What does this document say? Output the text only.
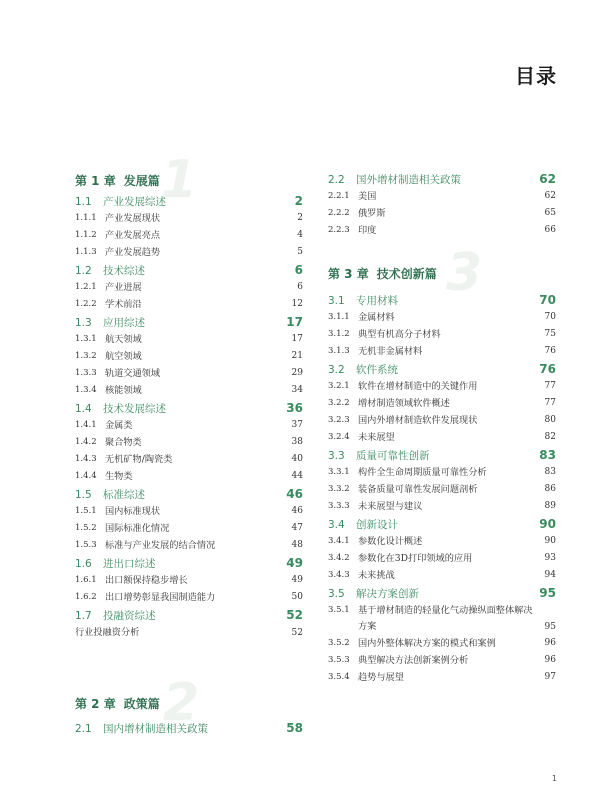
目录
1
第 1 章 发展篇
1.1	产业发展综述	2
1.1.1 产业发展现状	2
1.1.2 产业发展亮点	4
1.1.3 产业发展趋势	5
1.2	技术综述	6
1.2.1 产业进展	6
1.2.2 学术前沿	12
1.3	应用综述	17
1.3.1 航天领域	17
1.3.2 航空领域	21
1.3.3 轨道交通领域	29
1.3.4 核能领域	34
1.4	技术发展综述	36
1.4.1 金属类	37
1.4.2 聚合物类	38
1.4.3 无机矿物/陶瓷类	40
1.4.4 生物类	44
1.5	标准综述	46
1.5.1 国内标准现状	46
1.5.2 国际标准化情况	47
1.5.3 标准与产业发展的结合情况	48
1.6	进出口综述	49
1.6.1 出口额保持稳步增长	49
1.6.2 出口增势彰显我国制造能力	50
1.7	投融资综述	52
行业投融资分析	52
2
第 2 章 政策篇
2.1	国内增材制造相关政策	58
2.2	国外增材制造相关政策	62
2.2.1 美国	62
2.2.2 俄罗斯	65
2.2.3 印度	66
3
第 3 章 技术创新篇
3.1	专用材料	70
3.1.1 金属材料	70
3.1.2 典型有机高分子材料	75
3.1.3 无机非金属材料	76
3.2	软件系统	76
3.2.1 软件在增材制造中的关键作用	77
3.2.2 增材制造领域软件概述	77
3.2.3 国内外增材制造软件发展现状	80
3.2.4 未来展望	82
3.3	质量可靠性创新	83
3.3.1 构件全生命周期质量可靠性分析	83
3.3.2 装备质量可靠性发展问题剖析	86
3.3.3 未来展望与建议	89
3.4	创新设计	90
3.4.1 参数化设计概述	90
3.4.2 参数化在3D打印领域的应用	93
3.4.3 未来挑战	94
3.5	解决方案创新	95
3.5.1 基于增材制造的轻量化气动操纵面整体解决
方案	95
3.5.2 国内外整体解决方案的模式和案例	96
3.5.3 典型解决方法创新案例分析	96
3.5.4 趋势与展望	97
1
